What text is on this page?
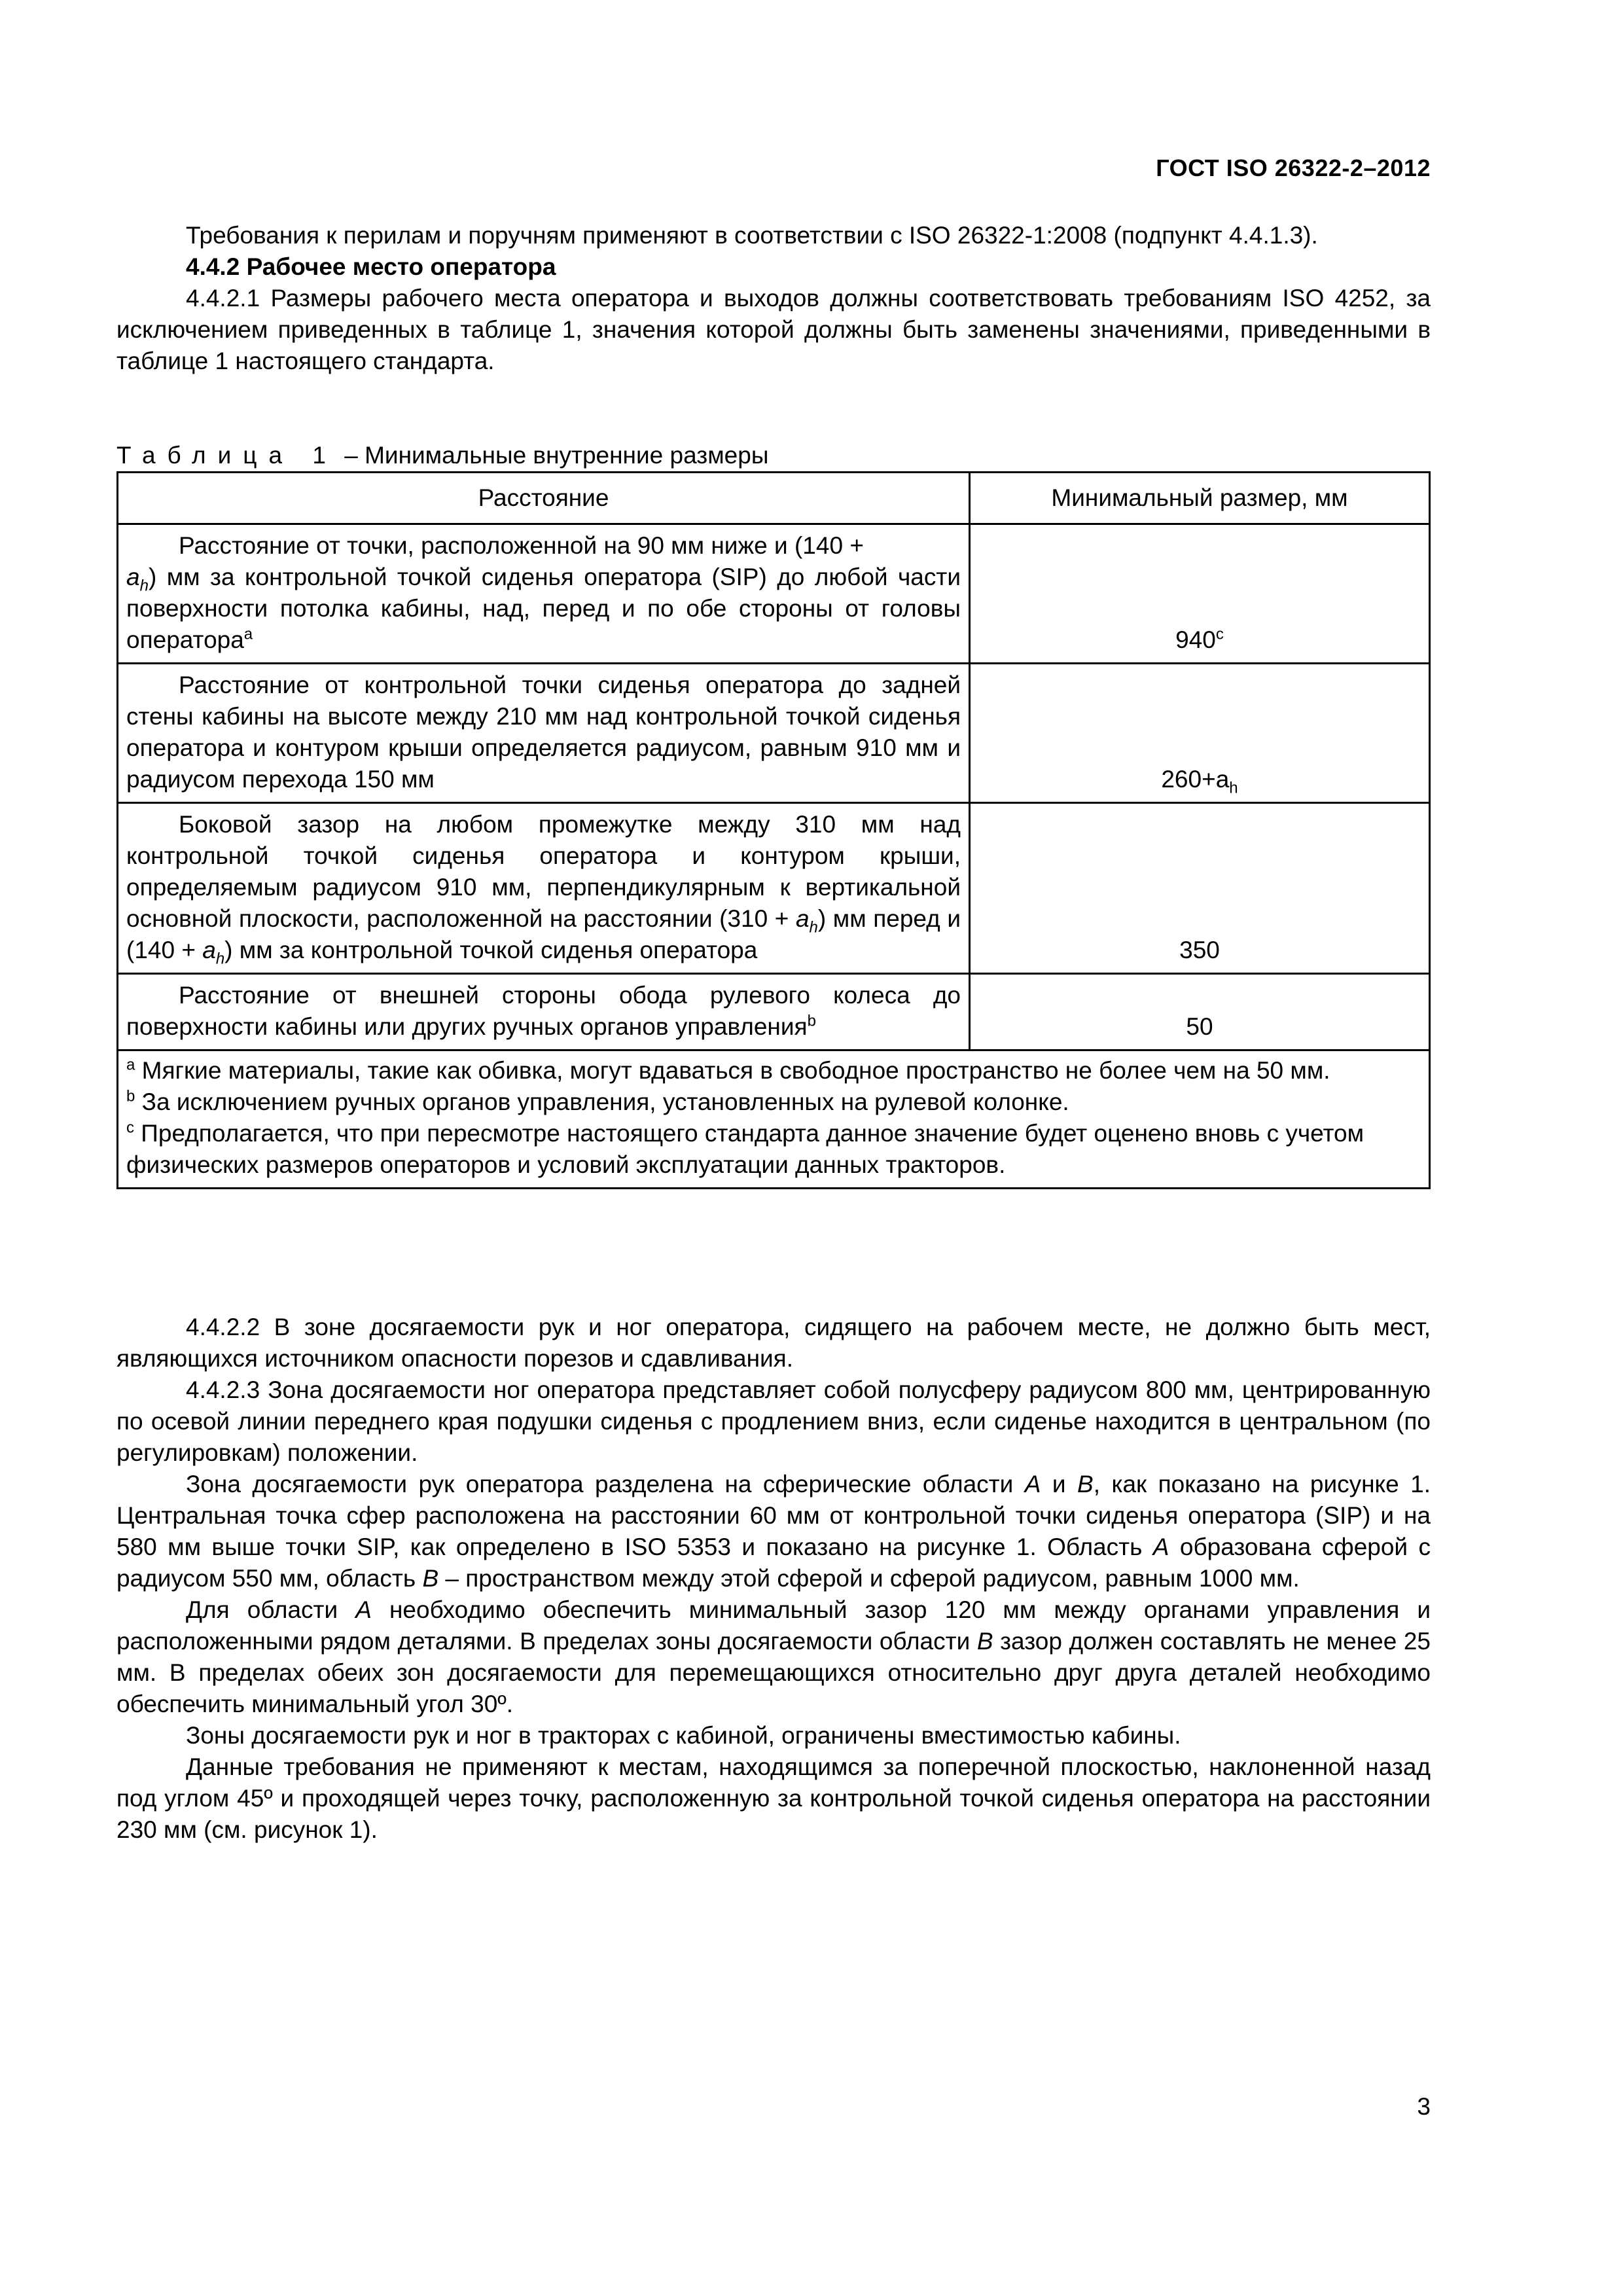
ГОСТ ISO 26322-2–2012

Требования к перилам и поручням применяют в соответствии с ISO 26322-1:2008 (подпункт 4.4.1.3).

4.4.2 Рабочее место оператора

4.4.2.1 Размеры рабочего места оператора и выходов должны соответствовать требованиям ISO 4252, за исключением приведенных в таблице 1, значения которой должны быть заменены значениями, приведенными в таблице 1 настоящего стандарта.

Таблица 1 – Минимальные внутренние размеры
Расстояние	Минимальный размер, мм

Расстояние от точки, расположенной на 90 мм ниже и (140 +
$a_h$) мм за контрольной точкой сиденья оператора (SIP) до любой части поверхности потолка кабины, над, перед и по обе стороны от головы оператора$^a$	940$^c$

Расстояние от контрольной точки сиденья оператора до задней стены кабины на высоте между 210 мм над контрольной точкой сиденья оператора и контуром крыши определяется радиусом, равным 910 мм и радиусом перехода 150 мм	$260+a_h$

Боковой зазор на любом промежутке между 310 мм над контрольной точкой сиденья оператора и контуром крыши, определяемым радиусом 910 мм, перпендикулярным к вертикальной основной плоскости, расположенной на расстоянии $(310 + a_h)$ мм перед и $(140 + a_h)$ мм за контрольной точкой сиденья оператора	350

Расстояние от внешней стороны обода рулевого колеса до поверхности кабины или других ручных органов управления$^b$	50

$^a$ Мягкие материалы, такие как обивка, могут вдаваться в свободное пространство не более чем на 50 мм.
$^b$ За исключением ручных органов управления, установленных на рулевой колонке.
$^c$ Предполагается, что при пересмотре настоящего стандарта данное значение будет оценено вновь с учетом физических размеров операторов и условий эксплуатации данных тракторов.	

4.4.2.2 В зоне досягаемости рук и ног оператора, сидящего на рабочем месте, не должно быть мест, являющихся источником опасности порезов и сдавливания.

4.4.2.3 Зона досягаемости ног оператора представляет собой полусферу радиусом 800 мм, центрированную по осевой линии переднего края подушки сиденья с продлением вниз, если сиденье находится в центральном (по регулировкам) положении.

Зона досягаемости рук оператора разделена на сферические области A и B, как показано на рисунке 1. Центральная точка сфер расположена на расстоянии 60 мм от контрольной точки сиденья оператора (SIP) и на 580 мм выше точки SIP, как определено в ISO 5353 и показано на рисунке 1. Область A образована сферой с радиусом 550 мм, область B – пространством между этой сферой и сферой радиусом, равным 1000 мм.

Для области A необходимо обеспечить минимальный зазор 120 мм между органами управления и расположенными рядом деталями. В пределах зоны досягаемости области B зазор должен составлять не менее 25 мм. В пределах обеих зон досягаемости для перемещающихся относительно друг друга деталей необходимо обеспечить минимальный угол 30º.

Зоны досягаемости рук и ног в тракторах с кабиной, ограничены вместимостью кабины.

Данные требования не применяют к местам, находящимся за поперечной плоскостью, наклоненной назад под углом 45º и проходящей через точку, расположенную за контрольной точкой сиденья оператора на расстоянии 230 мм (см. рисунок 1).

3
